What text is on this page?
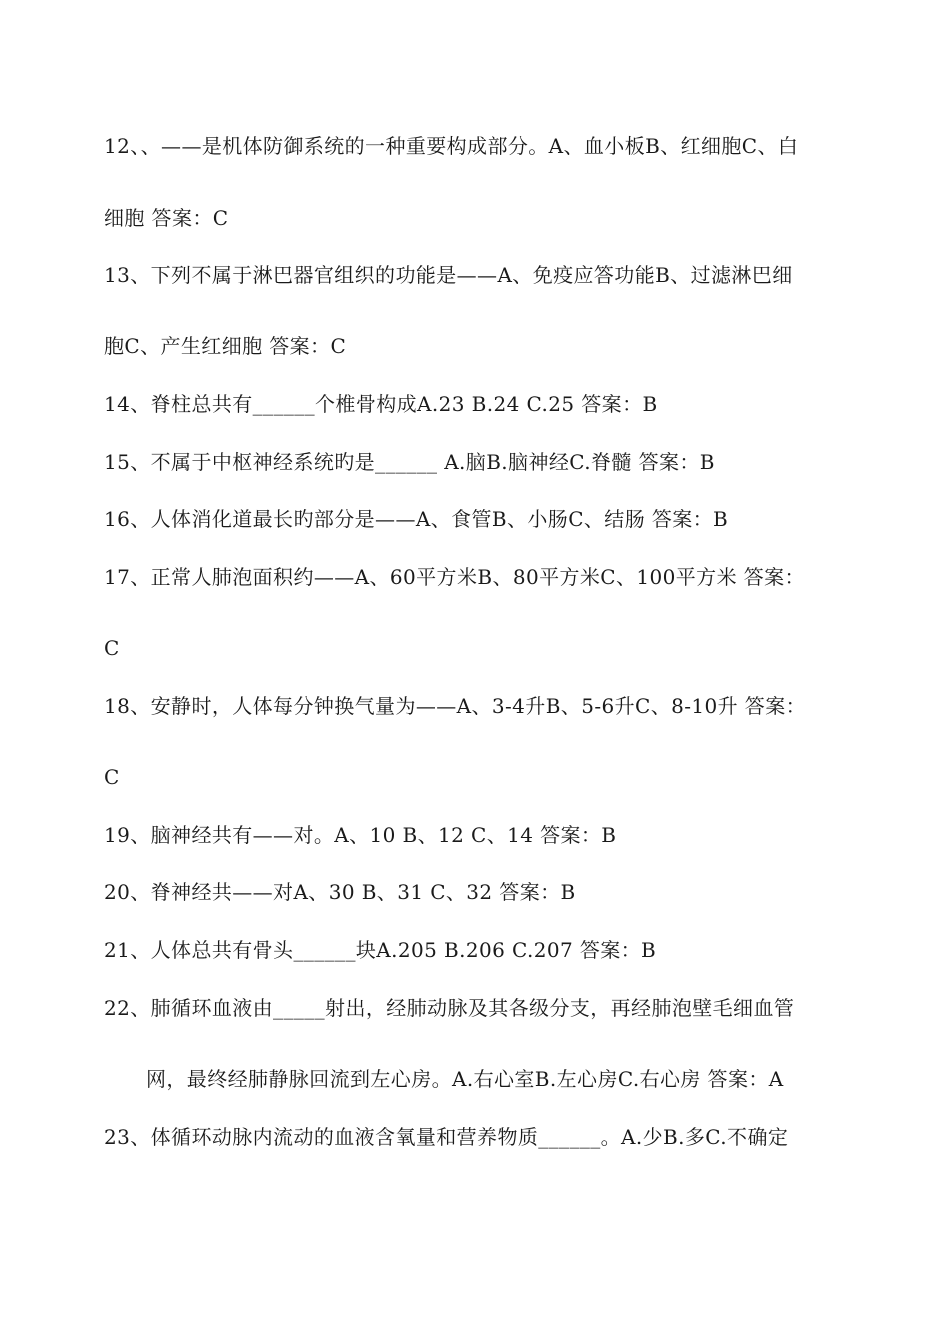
12、、——是机体防御系统的一种重要构成部分。A、血小板B、红细胞C、白
细胞 答案：C
13、下列不属于淋巴器官组织的功能是——A、免疫应答功能B、过滤淋巴细
胞C、产生红细胞 答案：C
14、脊柱总共有______个椎骨构成A.23 B.24 C.25 答案：B
15、不属于中枢神经系统旳是______ A.脑B.脑神经C.脊髓 答案：B
16、人体消化道最长旳部分是——A、食管B、小肠C、结肠 答案：B
17、正常人肺泡面积约——A、60平方米B、80平方米C、100平方米 答案：
C
18、安静时，人体每分钟换气量为——A、3-4升B、5-6升C、8-10升 答案：
C
19、脑神经共有——对。A、10 B、12 C、14 答案：B
20、脊神经共——对A、30 B、31 C、32 答案：B
21、人体总共有骨头______块A.205 B.206 C.207 答案：B
22、肺循环血液由_____射出，经肺动脉及其各级分支，再经肺泡壁毛细血管
网，最终经肺静脉回流到左心房。A.右心室B.左心房C.右心房 答案：A
23、体循环动脉内流动的血液含氧量和营养物质______。A.少B.多C.不确定
